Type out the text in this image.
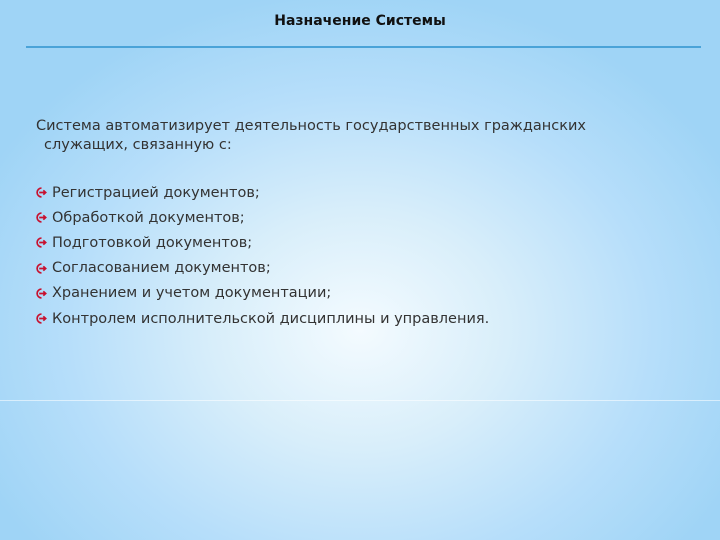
Назначение Системы
Система автоматизирует деятельность государственных гражданских
служащих, связанную с:
Регистрацией документов;
Обработкой документов;
Подготовкой документов;
Согласованием документов;
Хранением и учетом документации;
Контролем исполнительской дисциплины и управления.
